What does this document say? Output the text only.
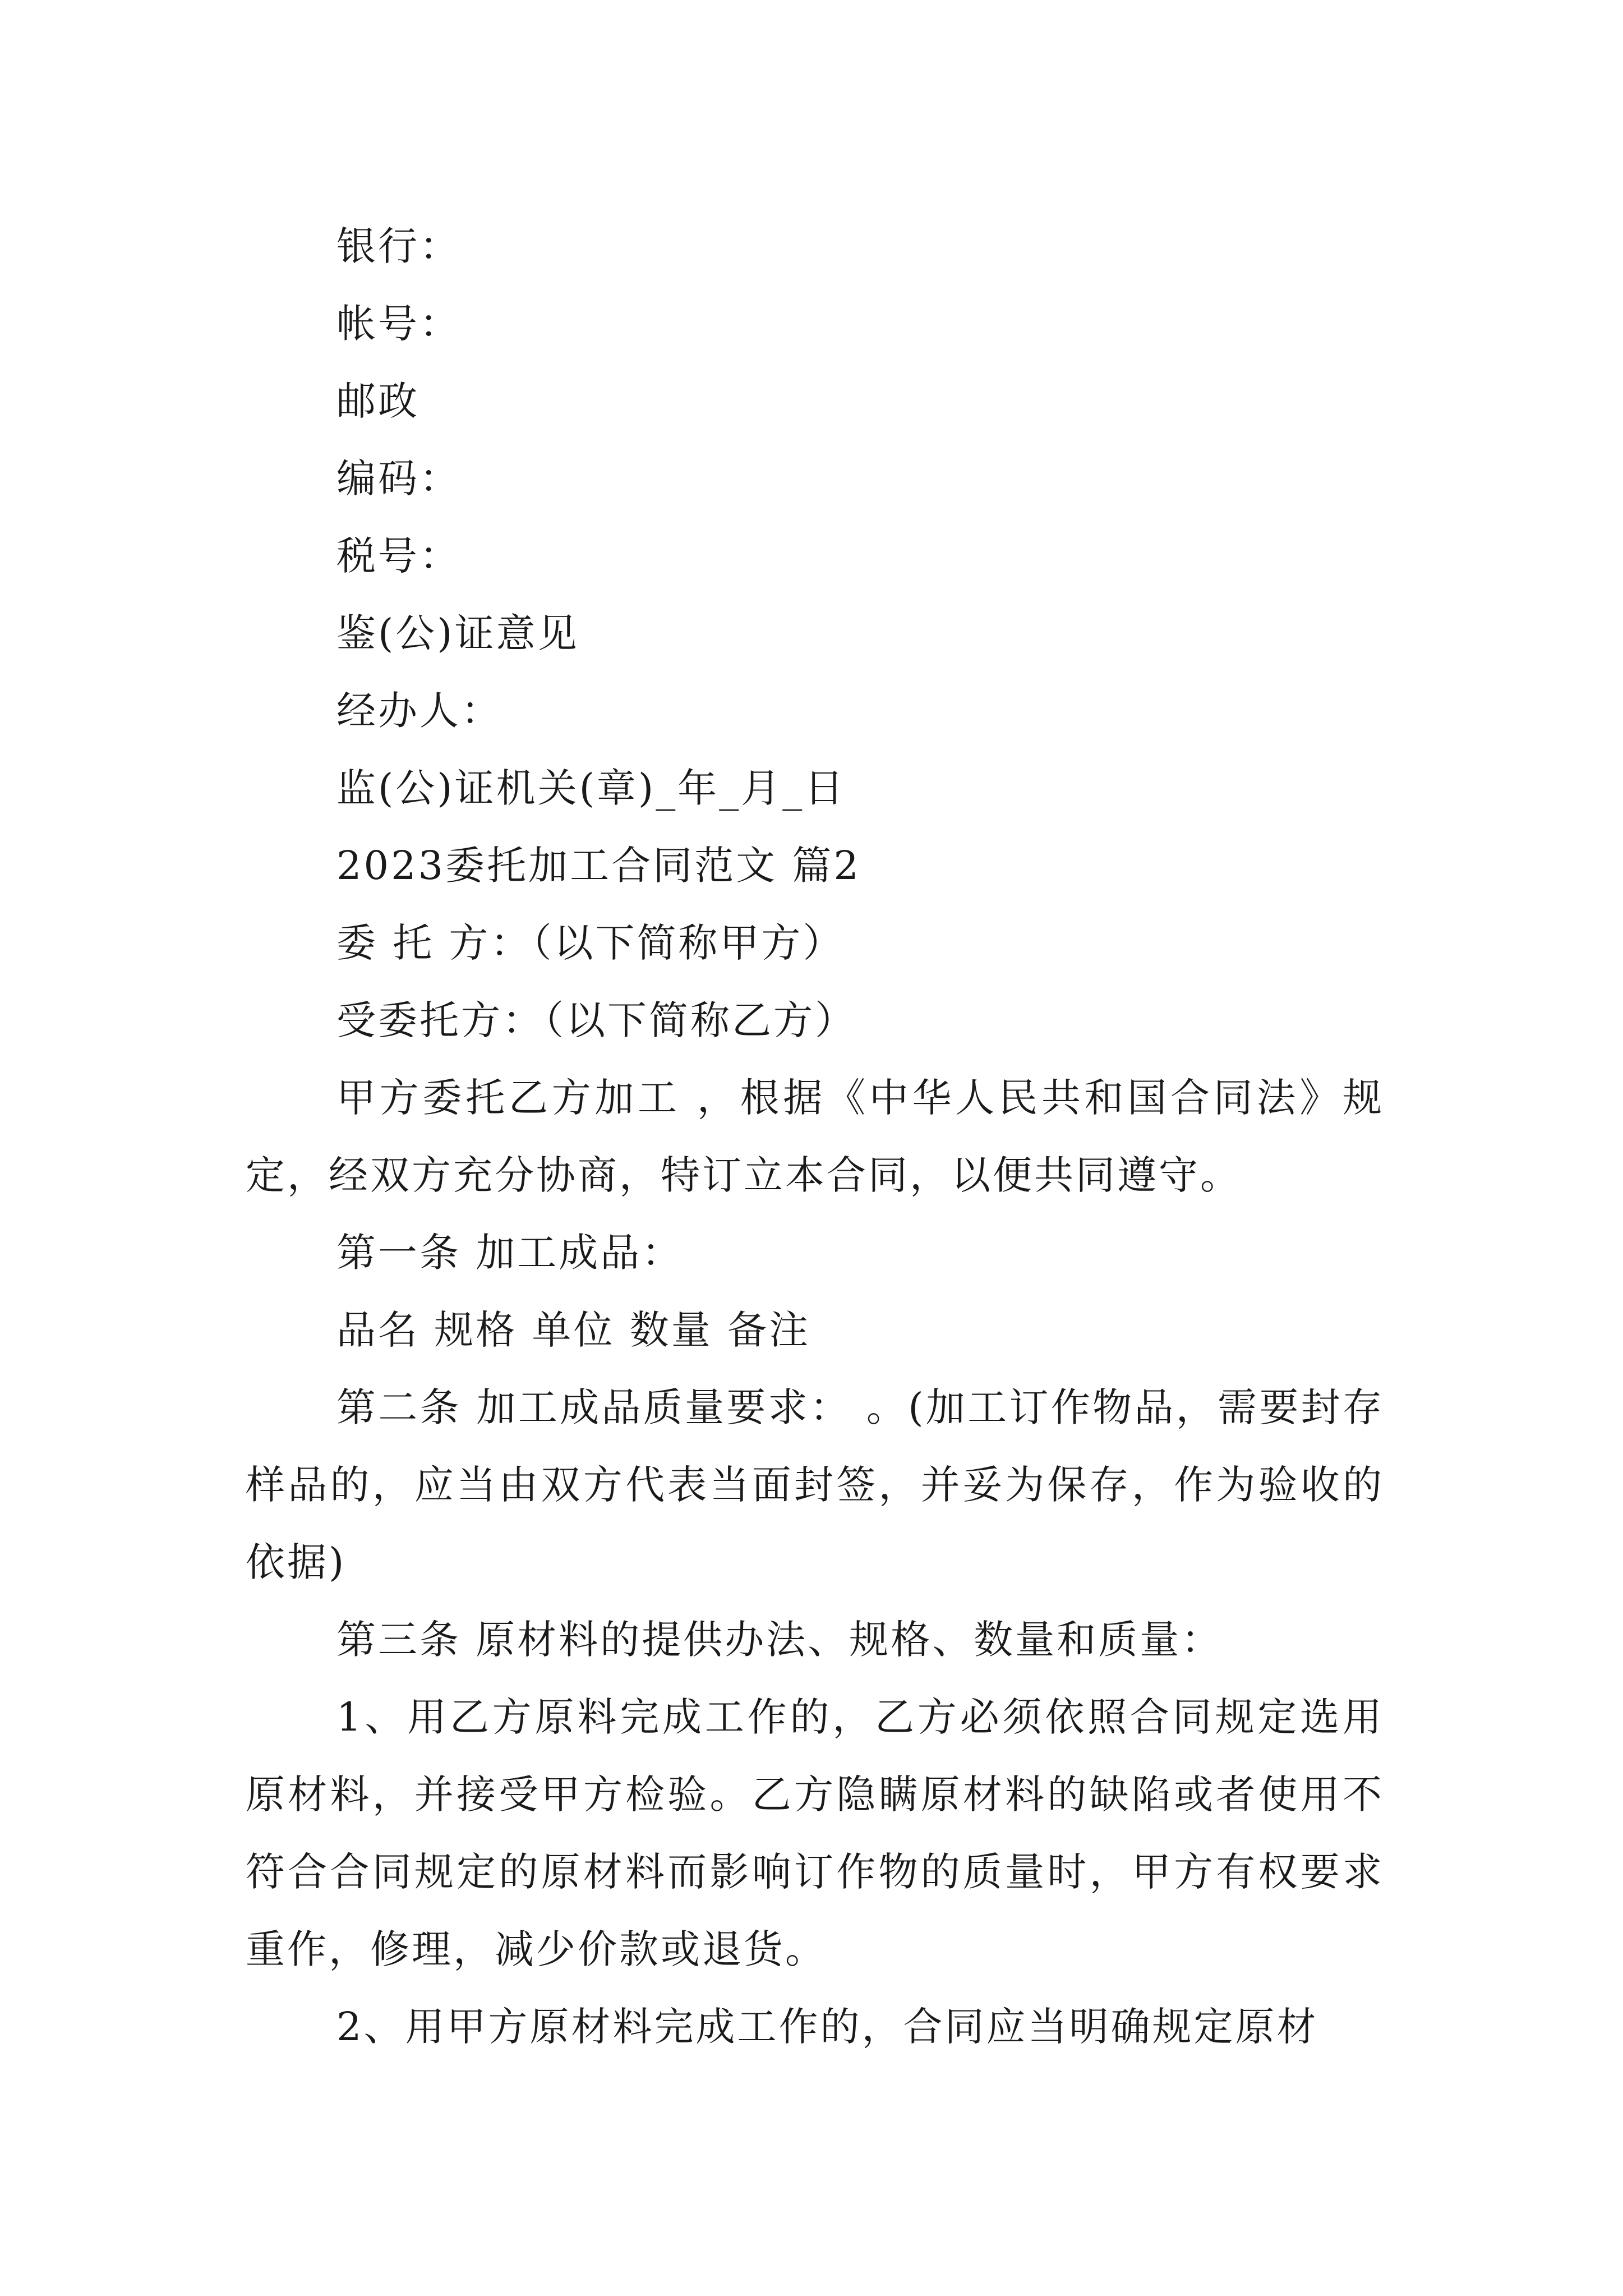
银行：

帐号：

邮政

编码：

税号：

鉴(公)证意见

经办人：

监(公)证机关(章)_年_月_日

2023委托加工合同范文 篇2

委 托 方：（以下简称甲方）

受委托方：（以下简称乙方）

甲方委托乙方加工 ，根据《中华人民共和国合同法》规定，经双方充分协商，特订立本合同，以便共同遵守。

第一条 加工成品：

品名 规格 单位 数量 备注

第二条 加工成品质量要求： 。(加工订作物品，需要封存样品的，应当由双方代表当面封签，并妥为保存，作为验收的依据)

第三条 原材料的提供办法、规格、数量和质量：

1、用乙方原料完成工作的，乙方必须依照合同规定选用原材料，并接受甲方检验。乙方隐瞒原材料的缺陷或者使用不符合合同规定的原材料而影响订作物的质量时，甲方有权要求重作，修理，减少价款或退货。

2、用甲方原材料完成工作的，合同应当明确规定原材
